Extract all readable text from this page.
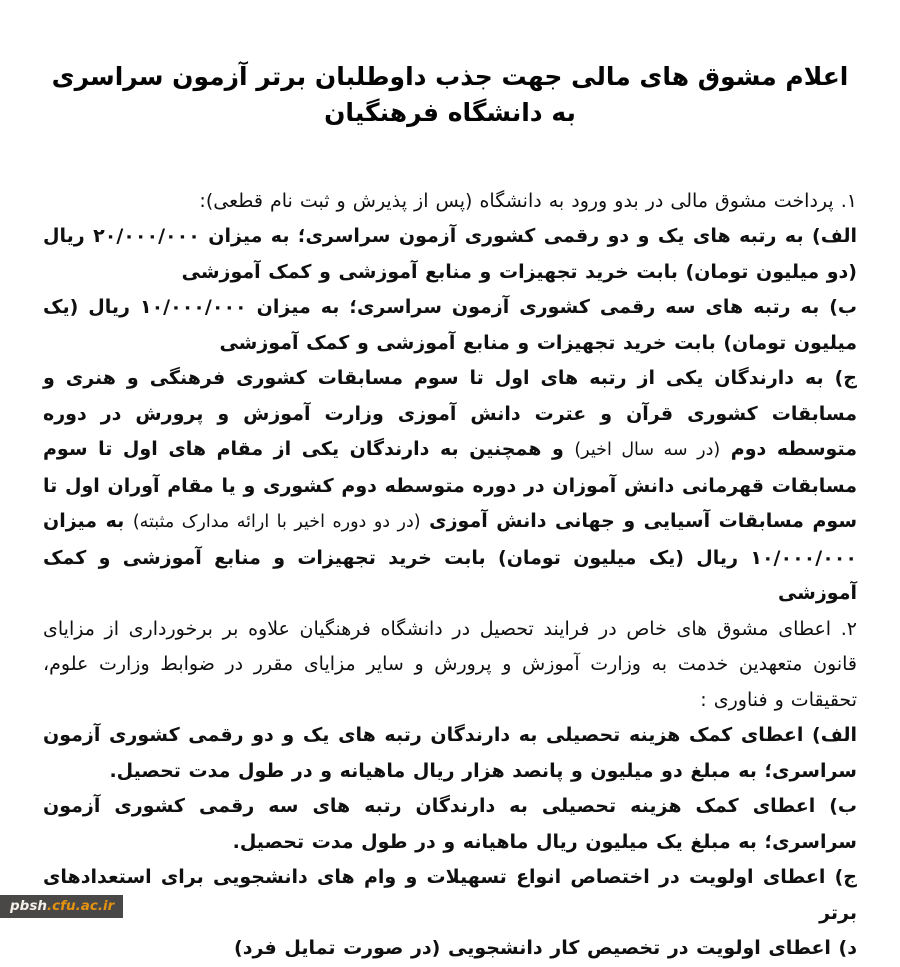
اعلام مشوق های مالی جهت جذب داوطلبان برتر آزمون سراسری به دانشگاه فرهنگیان

۱. پرداخت مشوق مالی در بدو ورود به دانشگاه (پس از پذیرش و ثبت نام قطعی):

الف) به رتبه های یک و دو رقمی کشوری آزمون سراسری؛ به میزان ۲۰/۰۰۰/۰۰۰ ریال (دو میلیون تومان) بابت خرید تجهیزات و منابع آموزشی و کمک آموزشی

ب) به رتبه های سه رقمی کشوری آزمون سراسری؛ به میزان ۱۰/۰۰۰/۰۰۰ ریال (یک میلیون تومان) بابت خرید تجهیزات و منابع آموزشی و کمک آموزشی

ج) به دارندگان یکی از رتبه های اول تا سوم مسابقات کشوری فرهنگی و هنری و مسابقات کشوری قرآن و عترت دانش آموزی وزارت آموزش و پرورش در دوره متوسطه دوم (در سه سال اخیر) و همچنین به دارندگان یکی از مقام های اول تا سوم مسابقات قهرمانی دانش آموزان در دوره متوسطه دوم کشوری و یا مقام آوران اول تا سوم مسابقات آسیایی و جهانی دانش آموزی (در دو دوره اخیر با ارائه مدارک مثبته) به میزان ۱۰/۰۰۰/۰۰۰ ریال (یک میلیون تومان) بابت خرید تجهیزات و منابع آموزشی و کمک آموزشی

۲. اعطای مشوق های خاص در فرایند تحصیل در دانشگاه فرهنگیان علاوه بر برخورداری از مزایای قانون متعهدین خدمت به وزارت آموزش و پرورش و سایر مزایای مقرر در ضوابط وزارت علوم، تحقیقات و فناوری :

الف) اعطای کمک هزینه تحصیلی به دارندگان رتبه های یک و دو رقمی کشوری آزمون سراسری؛ به مبلغ دو میلیون و پانصد هزار ریال ماهیانه و در طول مدت تحصیل.

ب) اعطای کمک هزینه تحصیلی به دارندگان رتبه های سه رقمی کشوری آزمون سراسری؛ به مبلغ یک میلیون ریال ماهیانه و در طول مدت تحصیل.

ج) اعطای اولویت در اختصاص انواع تسهیلات و وام های دانشجویی برای استعدادهای برتر

د) اعطای اولویت در تخصیص کار دانشجویی (در صورت تمایل فرد)

pbsh .cfu.ac.ir
